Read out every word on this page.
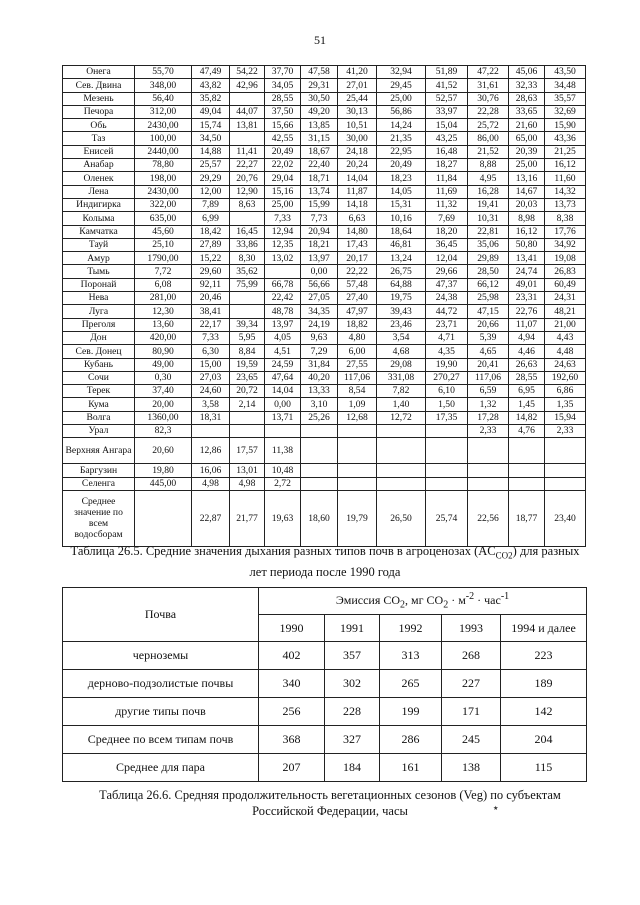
51
Онега	55,70	47,49	54,22	37,70	47,58	41,20	32,94	51,89	47,22	45,06	43,50
Сев. Двина	348,00	43,82	42,96	34,05	29,31	27,01	29,45	41,52	31,61	32,33	34,48
Мезень	56,40	35,82		28,55	30,50	25,44	25,00	52,57	30,76	28,63	35,57
Печора	312,00	49,04	44,07	37,50	49,20	30,13	56,86	33,97	22,28	33,65	32,69
Обь	2430,00	15,74	13,81	15,66	13,85	10,51	14,24	15,04	25,72	21,60	15,90
Таз	100,00	34,50		42,55	31,15	30,00	21,35	43,25	86,00	65,00	43,36
Енисей	2440,00	14,88	11,41	20,49	18,67	24,18	22,95	16,48	21,52	20,39	21,25
Анабар	78,80	25,57	22,27	22,02	22,40	20,24	20,49	18,27	8,88	25,00	16,12
Оленек	198,00	29,29	20,76	29,04	18,71	14,04	18,23	11,84	4,95	13,16	11,60
Лена	2430,00	12,00	12,90	15,16	13,74	11,87	14,05	11,69	16,28	14,67	14,32
Индигирка	322,00	7,89	8,63	25,00	15,99	14,18	15,31	11,32	19,41	20,03	13,73
Колыма	635,00	6,99		7,33	7,73	6,63	10,16	7,69	10,31	8,98	8,38
Камчатка	45,60	18,42	16,45	12,94	20,94	14,80	18,64	18,20	22,81	16,12	17,76
Тауй	25,10	27,89	33,86	12,35	18,21	17,43	46,81	36,45	35,06	50,80	34,92
Амур	1790,00	15,22	8,30	13,02	13,97	20,17	13,24	12,04	29,89	13,41	19,08
Тымь	7,72	29,60	35,62		0,00	22,22	26,75	29,66	28,50	24,74	26,83
Поронай	6,08	92,11	75,99	66,78	56,66	57,48	64,88	47,37	66,12	49,01	60,49
Нева	281,00	20,46		22,42	27,05	27,40	19,75	24,38	25,98	23,31	24,31
Луга	12,30	38,41		48,78	34,35	47,97	39,43	44,72	47,15	22,76	48,21
Преголя	13,60	22,17	39,34	13,97	24,19	18,82	23,46	23,71	20,66	11,07	21,00
Дон	420,00	7,33	5,95	4,05	9,63	4,80	3,54	4,71	5,39	4,94	4,43
Сев. Донец	80,90	6,30	8,84	4,51	7,29	6,00	4,68	4,35	4,65	4,46	4,48
Кубань	49,00	15,00	19,59	24,59	31,84	27,55	29,08	19,90	20,41	26,63	24,63
Сочи	0,30	27,03	23,65	47,64	40,20	117,06	331,08	270,27	117,06	28,55	192,60
Терек	37,40	24,60	20,72	14,04	13,33	8,54	7,82	6,10	6,59	6,95	6,86
Кума	20,00	3,58	2,14	0,00	3,10	1,09	1,40	1,50	1,32	1,45	1,35
Волга	1360,00	18,31		13,71	25,26	12,68	12,72	17,35	17,28	14,82	15,94
Урал	82,3								2,33	4,76	2,33
Верхняя Ангара	20,60	12,86	17,57	11,38							
Баргузин	19,80	16,06	13,01	10,48							
Селенга	445,00	4,98	4,98	2,72							
Среднее значение по всем водосборам		22,87	21,77	19,63	18,60	19,79	26,50	25,74	22,56	18,77	23,40
Таблица 26.5. Средние значения дыхания разных типов почв в агроценозах $(AC_{CO2})$ для разных лет периода после 1990 года
Почва	Эмиссия $СО_2$, мг $СО_2 \cdot м^{-2} \cdot час^{-1}$
	1990	1991	1992	1993	1994 и далее
черноземы	402	357	313	268	223
дерново-подзолистые почвы	340	302	265	227	189
другие типы почв	256	228	199	171	142
Среднее по всем типам почв	368	327	286	245	204
Среднее для пара	207	184	161	138	115
Таблица 26.6. Средняя продолжительность вегетационных сезонов (Veg) по субъектам Российской Федерации, часы	٭
